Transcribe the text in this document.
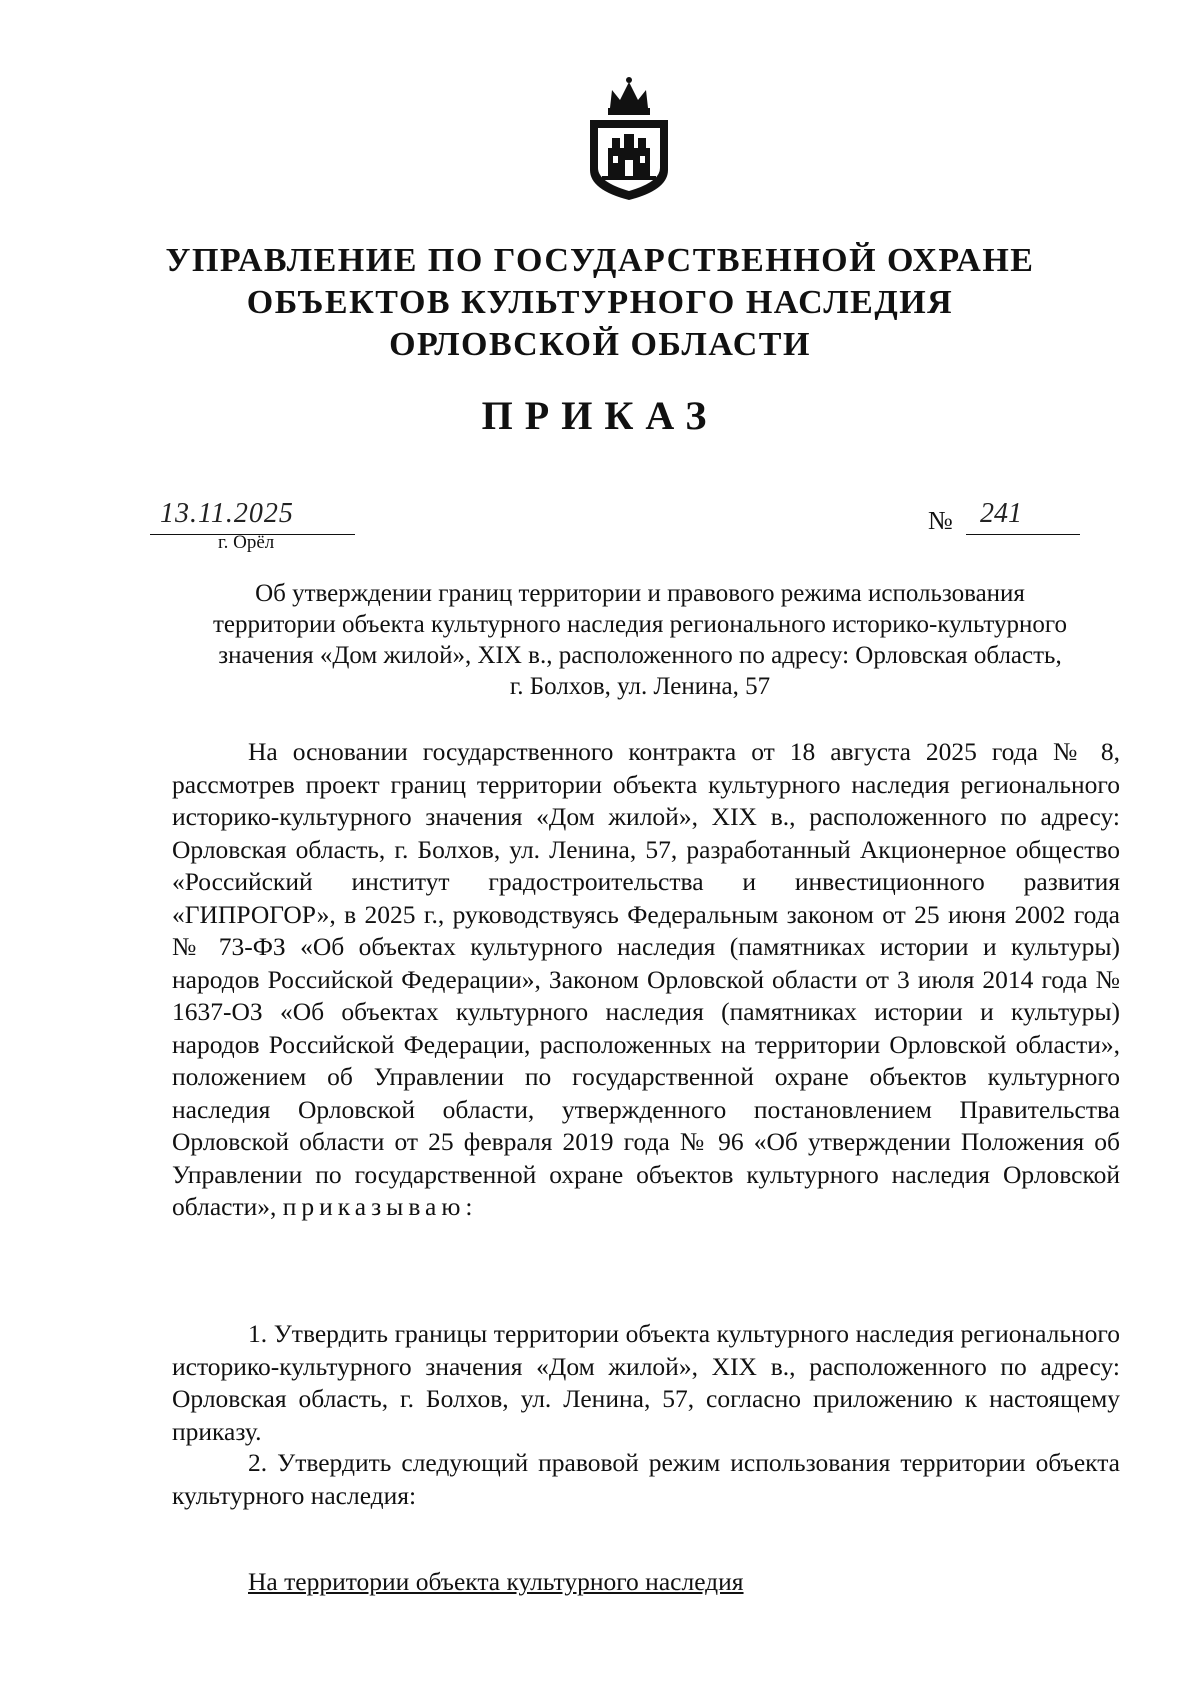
УПРАВЛЕНИЕ ПО ГОСУДАРСТВЕННОЙ ОХРАНЕ
ОБЪЕКТОВ КУЛЬТУРНОГО НАСЛЕДИЯ
ОРЛОВСКОЙ ОБЛАСТИ
ПРИКАЗ
13.11.2025
г. Орёл
№ 241
Об утверждении границ территории и правового режима использования
территории объекта культурного наследия регионального историко-культурного
значения «Дом жилой», XIX в., расположенного по адресу: Орловская область,
г. Болхов, ул. Ленина, 57

На основании государственного контракта от 18 августа 2025 года № 8, рассмотрев проект границ территории объекта культурного наследия регионального историко-культурного значения «Дом жилой», XIX в., расположенного по адресу: Орловская область, г. Болхов, ул. Ленина, 57, разработанный Акционерное общество «Российский институт градостроительства и инвестиционного развития «ГИПРОГОР», в 2025 г., руководствуясь Федеральным законом от 25 июня 2002 года № 73-ФЗ «Об объектах культурного наследия (памятниках истории и культуры) народов Российской Федерации», Законом Орловской области от 3 июля 2014 года № 1637-ОЗ «Об объектах культурного наследия (памятниках истории и культуры) народов Российской Федерации, расположенных на территории Орловской области», положением об Управлении по государственной охране объектов культурного наследия Орловской области, утвержденного постановлением Правительства Орловской области от 25 февраля 2019 года № 96 «Об утверждении Положения об Управлении по государственной охране объектов культурного наследия Орловской области», приказываю:

1. Утвердить границы территории объекта культурного наследия регионального историко-культурного значения «Дом жилой», XIX в., расположенного по адресу: Орловская область, г. Болхов, ул. Ленина, 57, согласно приложению к настоящему приказу.

2. Утвердить следующий правовой режим использования территории объекта культурного наследия:

На территории объекта культурного наследия
